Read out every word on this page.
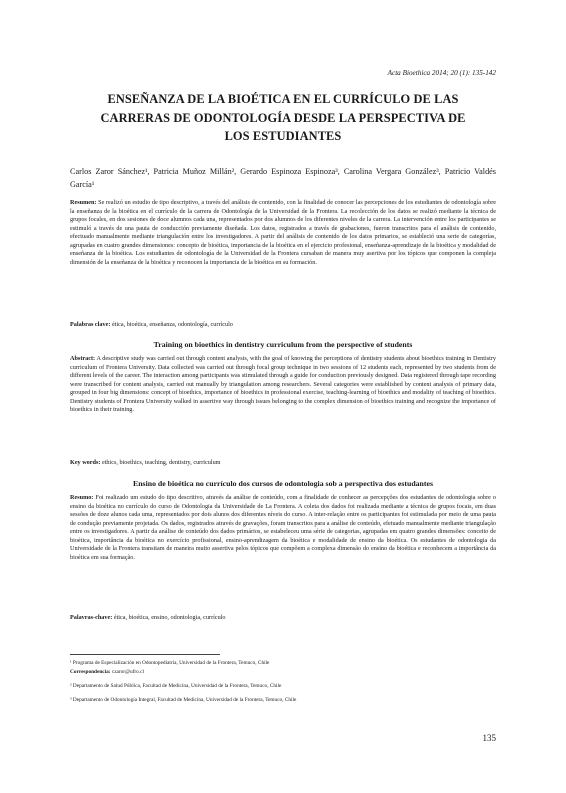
Acta Bioethica 2014; 20 (1): 135-142
ENSEÑANZA DE LA BIOÉTICA EN EL CURRÍCULO DE LAS
CARRERAS DE ODONTOLOGÍA DESDE LA PERSPECTIVA DE
LOS ESTUDIANTES
Carlos Zaror Sánchez¹, Patricia Muñoz Millán², Gerardo Espinoza Espinoza³, Carolina Vergara González³, Patricio Valdés García¹
Resumen: Se realizó un estudio de tipo descriptivo, a través del análisis de contenido, con la finalidad de conocer las percepciones de los estudiantes de odontología sobre la enseñanza de la bioética en el currículo de la carrera de Odontología de la Universidad de la Frontera. La recolección de los datos se realizó mediante la técnica de grupos focales, en dos sesiones de doce alumnos cada una, representados por dos alumnos de los diferentes niveles de la carrera. La intervención entre los participantes se estimuló a través de una pauta de conducción previamente diseñada. Los datos, registrados a través de grabaciones, fueron transcritos para el análisis de contenido, efectuado manualmente mediante triangulación entre los investigadores. A partir del análisis de contenido de los datos primarios, se estableció una serie de categorías, agrupadas en cuatro grandes dimensiones: concepto de bioética, importancia de la bioética en el ejercicio profesional, enseñanza-aprendizaje de la bioética y modalidad de enseñanza de la bioética. Los estudiantes de odontología de la Universidad de la Frontera cursaban de manera muy asertiva por los tópicos que componen la compleja dimensión de la enseñanza de la bioética y reconocen la importancia de la bioética en su formación.
Palabras clave: ética, bioética, enseñanza, odontología, currículo
Training on bioethics in dentistry curriculum from the perspective of students
Abstract: A descriptive study was carried out through content analysis, with the goal of knowing the perceptions of dentistry students about bioethics training in Dentistry curriculum of Frontera University. Data collected was carried out through focal group technique in two sessions of 12 students each, represented by two students from de different levels of the career. The interaction among participants was stimulated through a guide for conduction previously designed. Data registered through tape recording were transcribed for content analysis, carried out manually by triangulation among researchers. Several categories were established by content analysis of primary data, grouped in four big dimensions: concept of bioethics, importance of bioethics in professional exercise, teaching-learning of bioethics and modality of teaching of bioethics. Dentistry students of Frontera University walked in assertive way through issues belonging to the complex dimension of bioethics training and recognize the importance of bioethics in their training.
Key words: ethics, bioethics, teaching, dentistry, curriculum
Ensino de bioética no currículo dos cursos de odontologia sob a perspectiva dos estudantes
Resumo: Foi realizado um estudo do tipo descritivo, através da análise de conteúdo, com a finalidade de conhecer as percepções dos estudantes de odontologia sobre o ensino da bioética no currículo do curso de Odontologia da Universidade de La Frontera. A coleta dos dados foi realizada mediante a técnica de grupos focais, em duas sessões de doze alunos cada uma, representados por dois alunos dos diferentes níveis do curso. A inter-relação entre os participantes foi estimulada por meio de uma pauta de condução previamente projetada. Os dados, registrados através de gravações, foram transcritos para a análise de conteúdo, efetuado manualmente mediante triangulação entre os investigadores. A partir da análise de conteúdo dos dados primários, se estabeleceu uma série de categorias, agrupadas em quatro grandes dimensões: conceito de bioética, importância da bioética no exercício profissional, ensino-aprendizagem da bioética e modalidade de ensino da bioética. Os estudantes de odontologia da Universidade de la Frontera transitam de maneira muito assertiva pelos tópicos que compõem a complexa dimensão do ensino da bioética e reconhecem a importância da bioética em sua formação.
Palavras-chave: ética, bioética, ensino, odontologia, currículo
¹ Programa de Especialización en Odontopediatría, Universidad de la Frontera, Temuco, Chile
Correspondencia: czaror@ufro.cl
² Departamento de Salud Pública, Facultad de Medicina, Universidad de la Frontera, Temuco, Chile
³ Departamento de Odontología Integral, Facultad de Medicina, Universidad de la Frontera, Temuco, Chile
135
